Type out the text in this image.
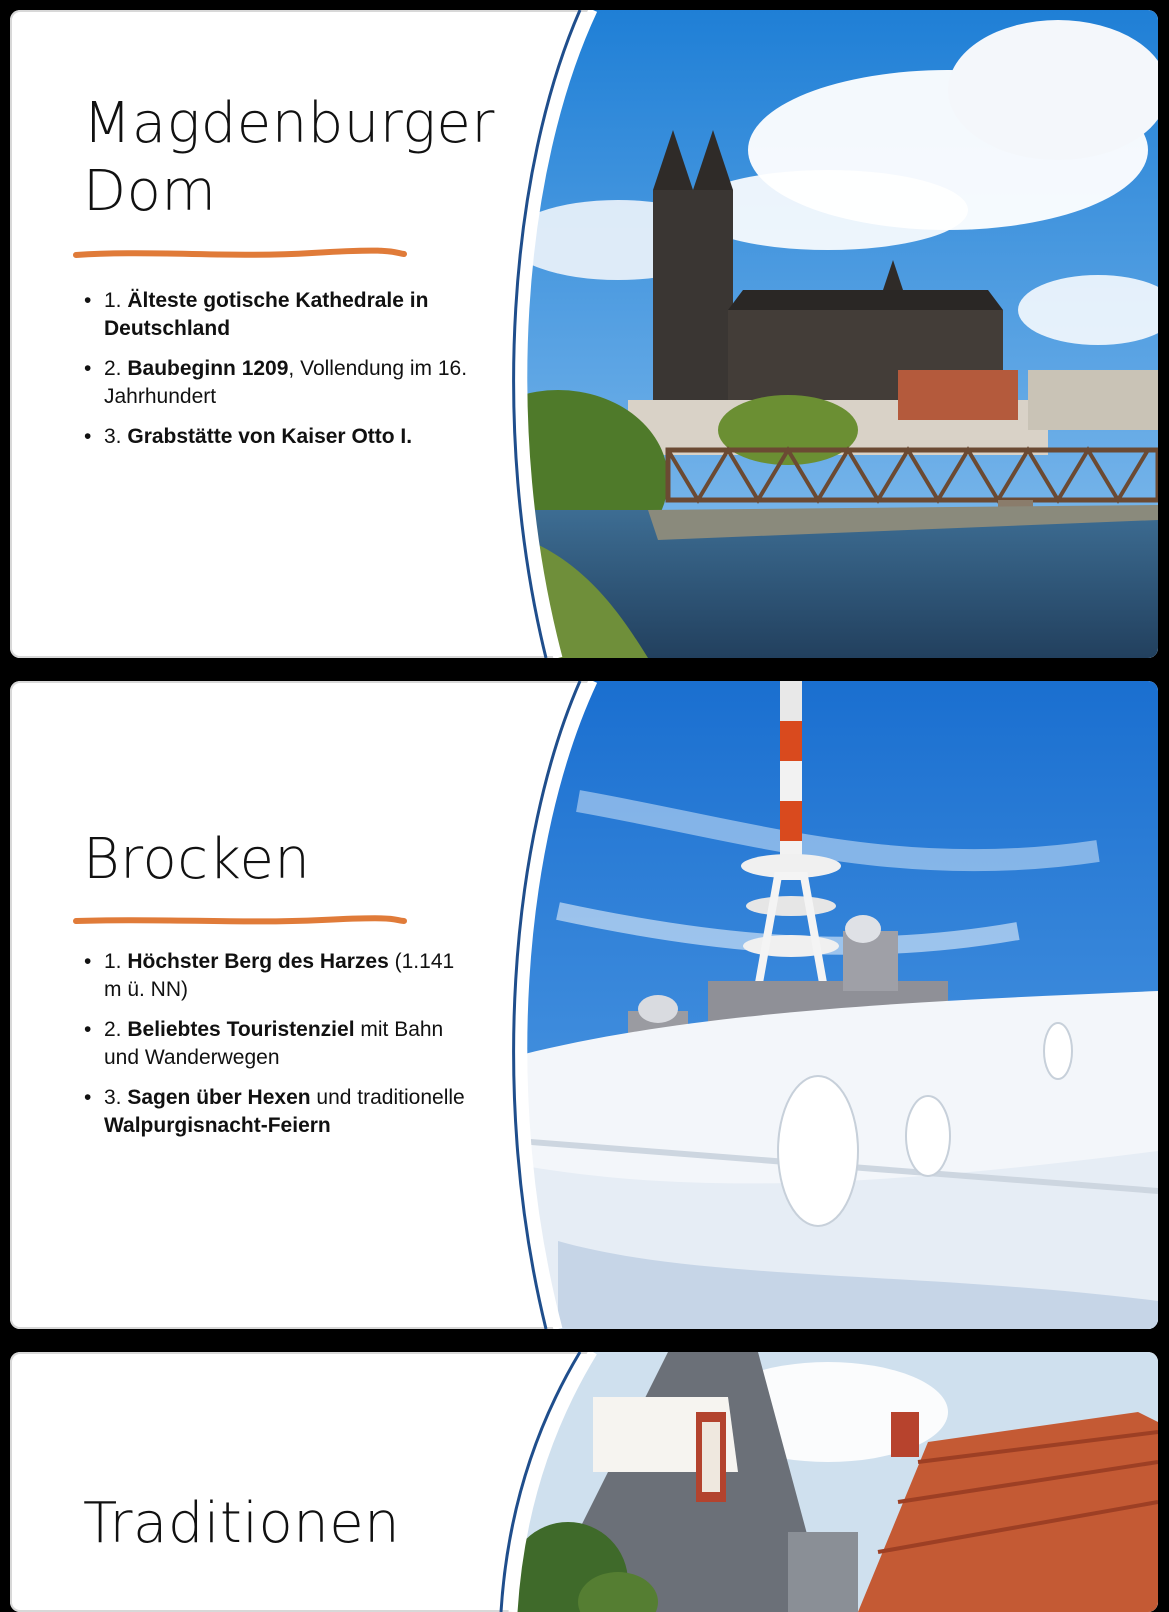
Magdenburger
Dom
• 1. Älteste gotische Kathedrale in Deutschland
• 2. Baubeginn 1209, Vollendung im 16. Jahrhundert
• 3. Grabstätte von Kaiser Otto I.
Brocken
• 1. Höchster Berg des Harzes (1.141 m ü. NN)
• 2. Beliebtes Touristenziel mit Bahn und Wanderwegen
• 3. Sagen über Hexen und traditionelle Walpurgisnacht-Feiern
Traditionen
